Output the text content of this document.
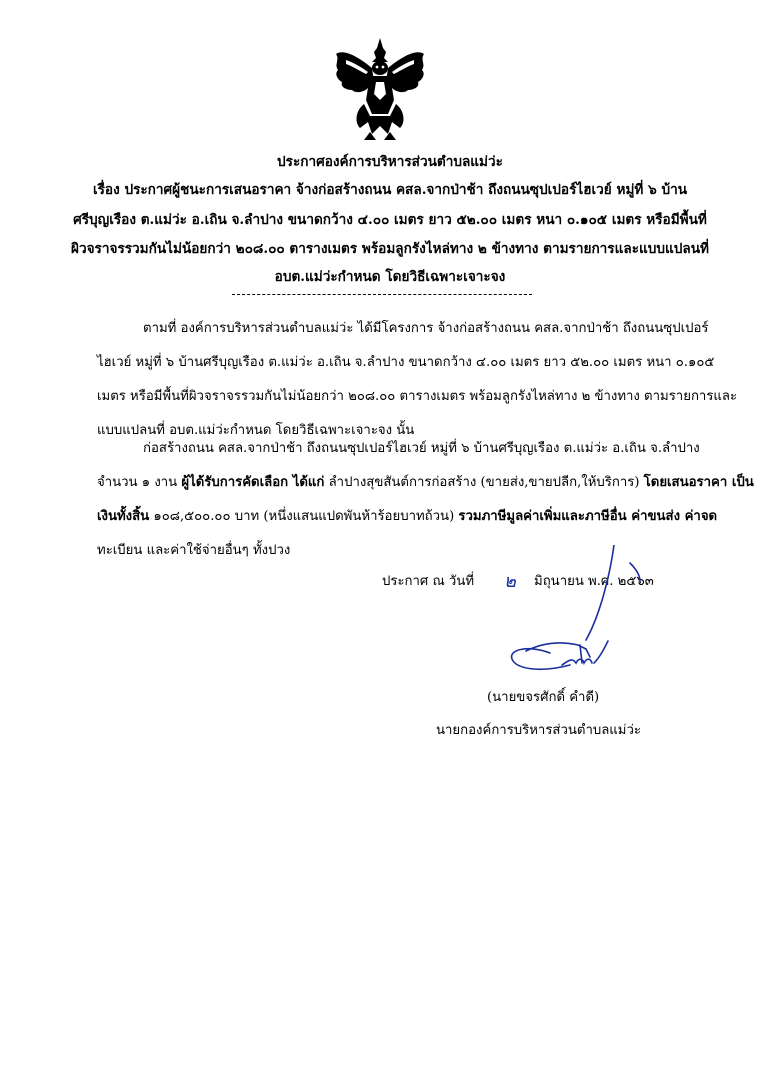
ประกาศองค์การบริหารส่วนตำบลแม่ว่ะ
เรื่อง ประกาศผู้ชนะการเสนอราคา จ้างก่อสร้างถนน คสล.จากป่าช้า ถึงถนนซุปเปอร์ไฮเวย์ หมู่ที่ ๖ บ้าน
ศรีบุญเรือง ต.แม่ว่ะ อ.เถิน จ.ลำปาง ขนาดกว้าง ๔.๐๐ เมตร ยาว ๕๒.๐๐ เมตร หนา ๐.๑๐๕ เมตร หรือมีพื้นที่
ผิวจราจรรวมกันไม่น้อยกว่า ๒๐๘.๐๐ ตารางเมตร พร้อมลูกรังไหล่ทาง ๒ ข้างทาง ตามรายการและแบบแปลนที่
อบต.แม่ว่ะกำหนด โดยวิธีเฉพาะเจาะจง
ตามที่ องค์การบริหารส่วนตำบลแม่ว่ะ ได้มีโครงการ จ้างก่อสร้างถนน คสล.จากป่าช้า ถึงถนนซุปเปอร์
ไฮเวย์ หมู่ที่ ๖ บ้านศรีบุญเรือง ต.แม่ว่ะ อ.เถิน จ.ลำปาง ขนาดกว้าง ๔.๐๐ เมตร ยาว ๕๒.๐๐ เมตร หนา ๐.๑๐๕
เมตร หรือมีพื้นที่ผิวจราจรรวมกันไม่น้อยกว่า ๒๐๘.๐๐ ตารางเมตร พร้อมลูกรังไหล่ทาง ๒ ข้างทาง ตามรายการและ
แบบแปลนที่ อบต.แม่ว่ะกำหนด โดยวิธีเฉพาะเจาะจง นั้น
ก่อสร้างถนน คสล.จากป่าช้า ถึงถนนซุปเปอร์ไฮเวย์ หมู่ที่ ๖ บ้านศรีบุญเรือง ต.แม่ว่ะ อ.เถิน จ.ลำปาง
จำนวน ๑ งาน ผู้ได้รับการคัดเลือก ได้แก่ ลำปางสุขสันต์การก่อสร้าง (ขายส่ง,ขายปลีก,ให้บริการ) โดยเสนอราคา เป็น
เงินทั้งสิ้น ๑๐๘,๕๐๐.๐๐ บาท (หนึ่งแสนแปดพันห้าร้อยบาทถ้วน) รวมภาษีมูลค่าเพิ่มและภาษีอื่น ค่าขนส่ง ค่าจด
ทะเบียน และค่าใช้จ่ายอื่นๆ ทั้งปวง
ประกาศ ณ วันที่ ๒ มิถุนายน พ.ศ. ๒๕๖๓
(นายขจรศักดิ์ คำดี)
นายกองค์การบริหารส่วนตำบลแม่ว่ะ
